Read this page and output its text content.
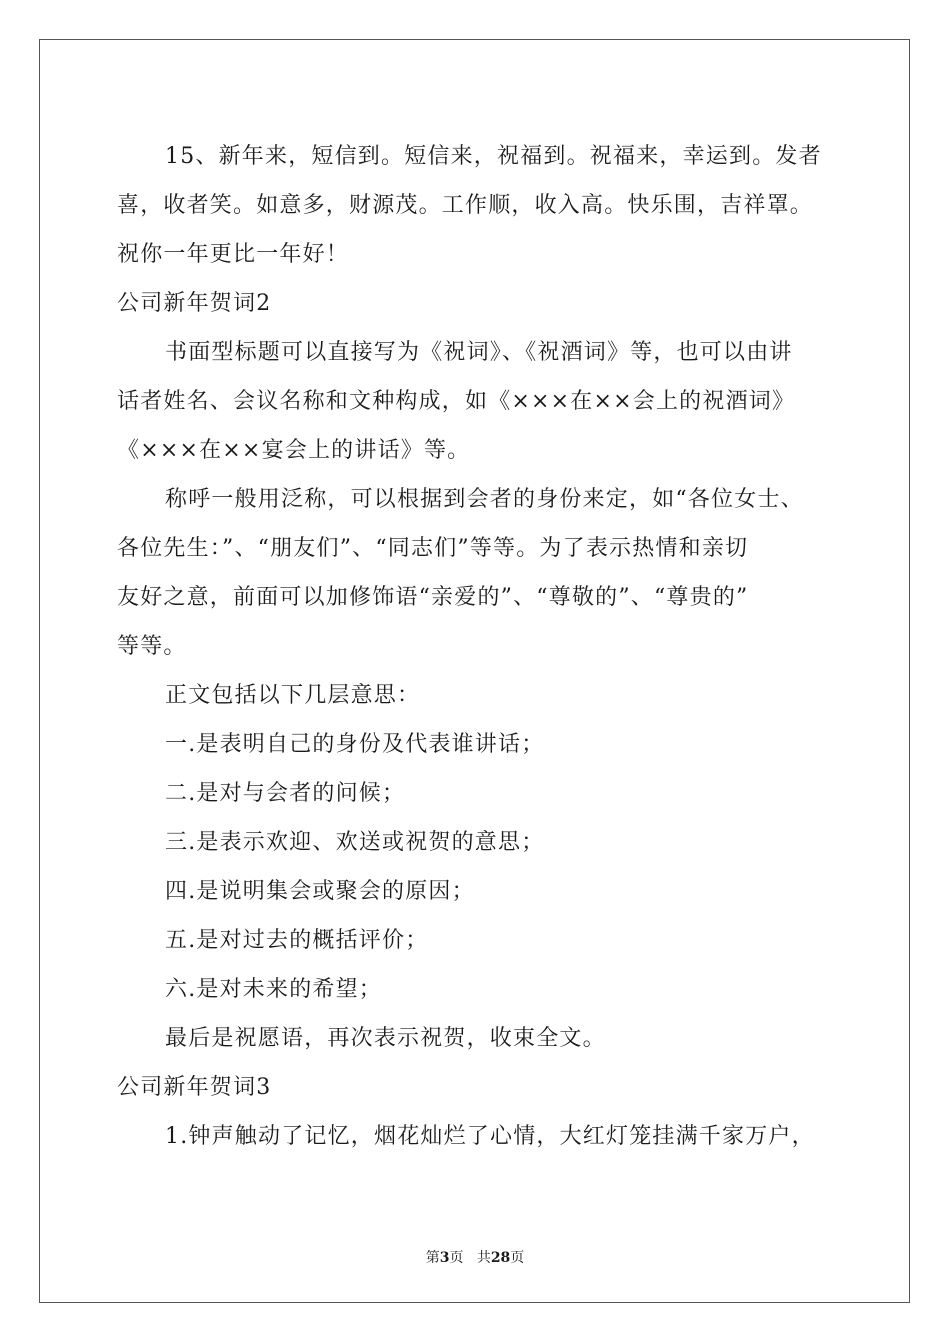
15、新年来，短信到。短信来，祝福到。祝福来，幸运到。发者
喜，收者笑。如意多，财源茂。工作顺，收入高。快乐围，吉祥罩。
祝你一年更比一年好！
公司新年贺词2
书面型标题可以直接写为《祝词》、《祝酒词》等，也可以由讲
话者姓名、会议名称和文种构成，如《×××在××会上的祝酒词》
《×××在××宴会上的讲话》等。
称呼一般用泛称，可以根据到会者的身份来定，如“各位女士、
各位先生：”、“朋友们”、“同志们”等等。为了表示热情和亲切
友好之意，前面可以加修饰语“亲爱的”、“尊敬的”、“尊贵的”
等等。
正文包括以下几层意思：
一.是表明自己的身份及代表谁讲话；
二.是对与会者的问候；
三.是表示欢迎、欢送或祝贺的意思；
四.是说明集会或聚会的原因；
五.是对过去的概括评价；
六.是对未来的希望；
最后是祝愿语，再次表示祝贺，收束全文。
公司新年贺词3
1.钟声触动了记忆，烟花灿烂了心情，大红灯笼挂满千家万户，
第3页 共28页
